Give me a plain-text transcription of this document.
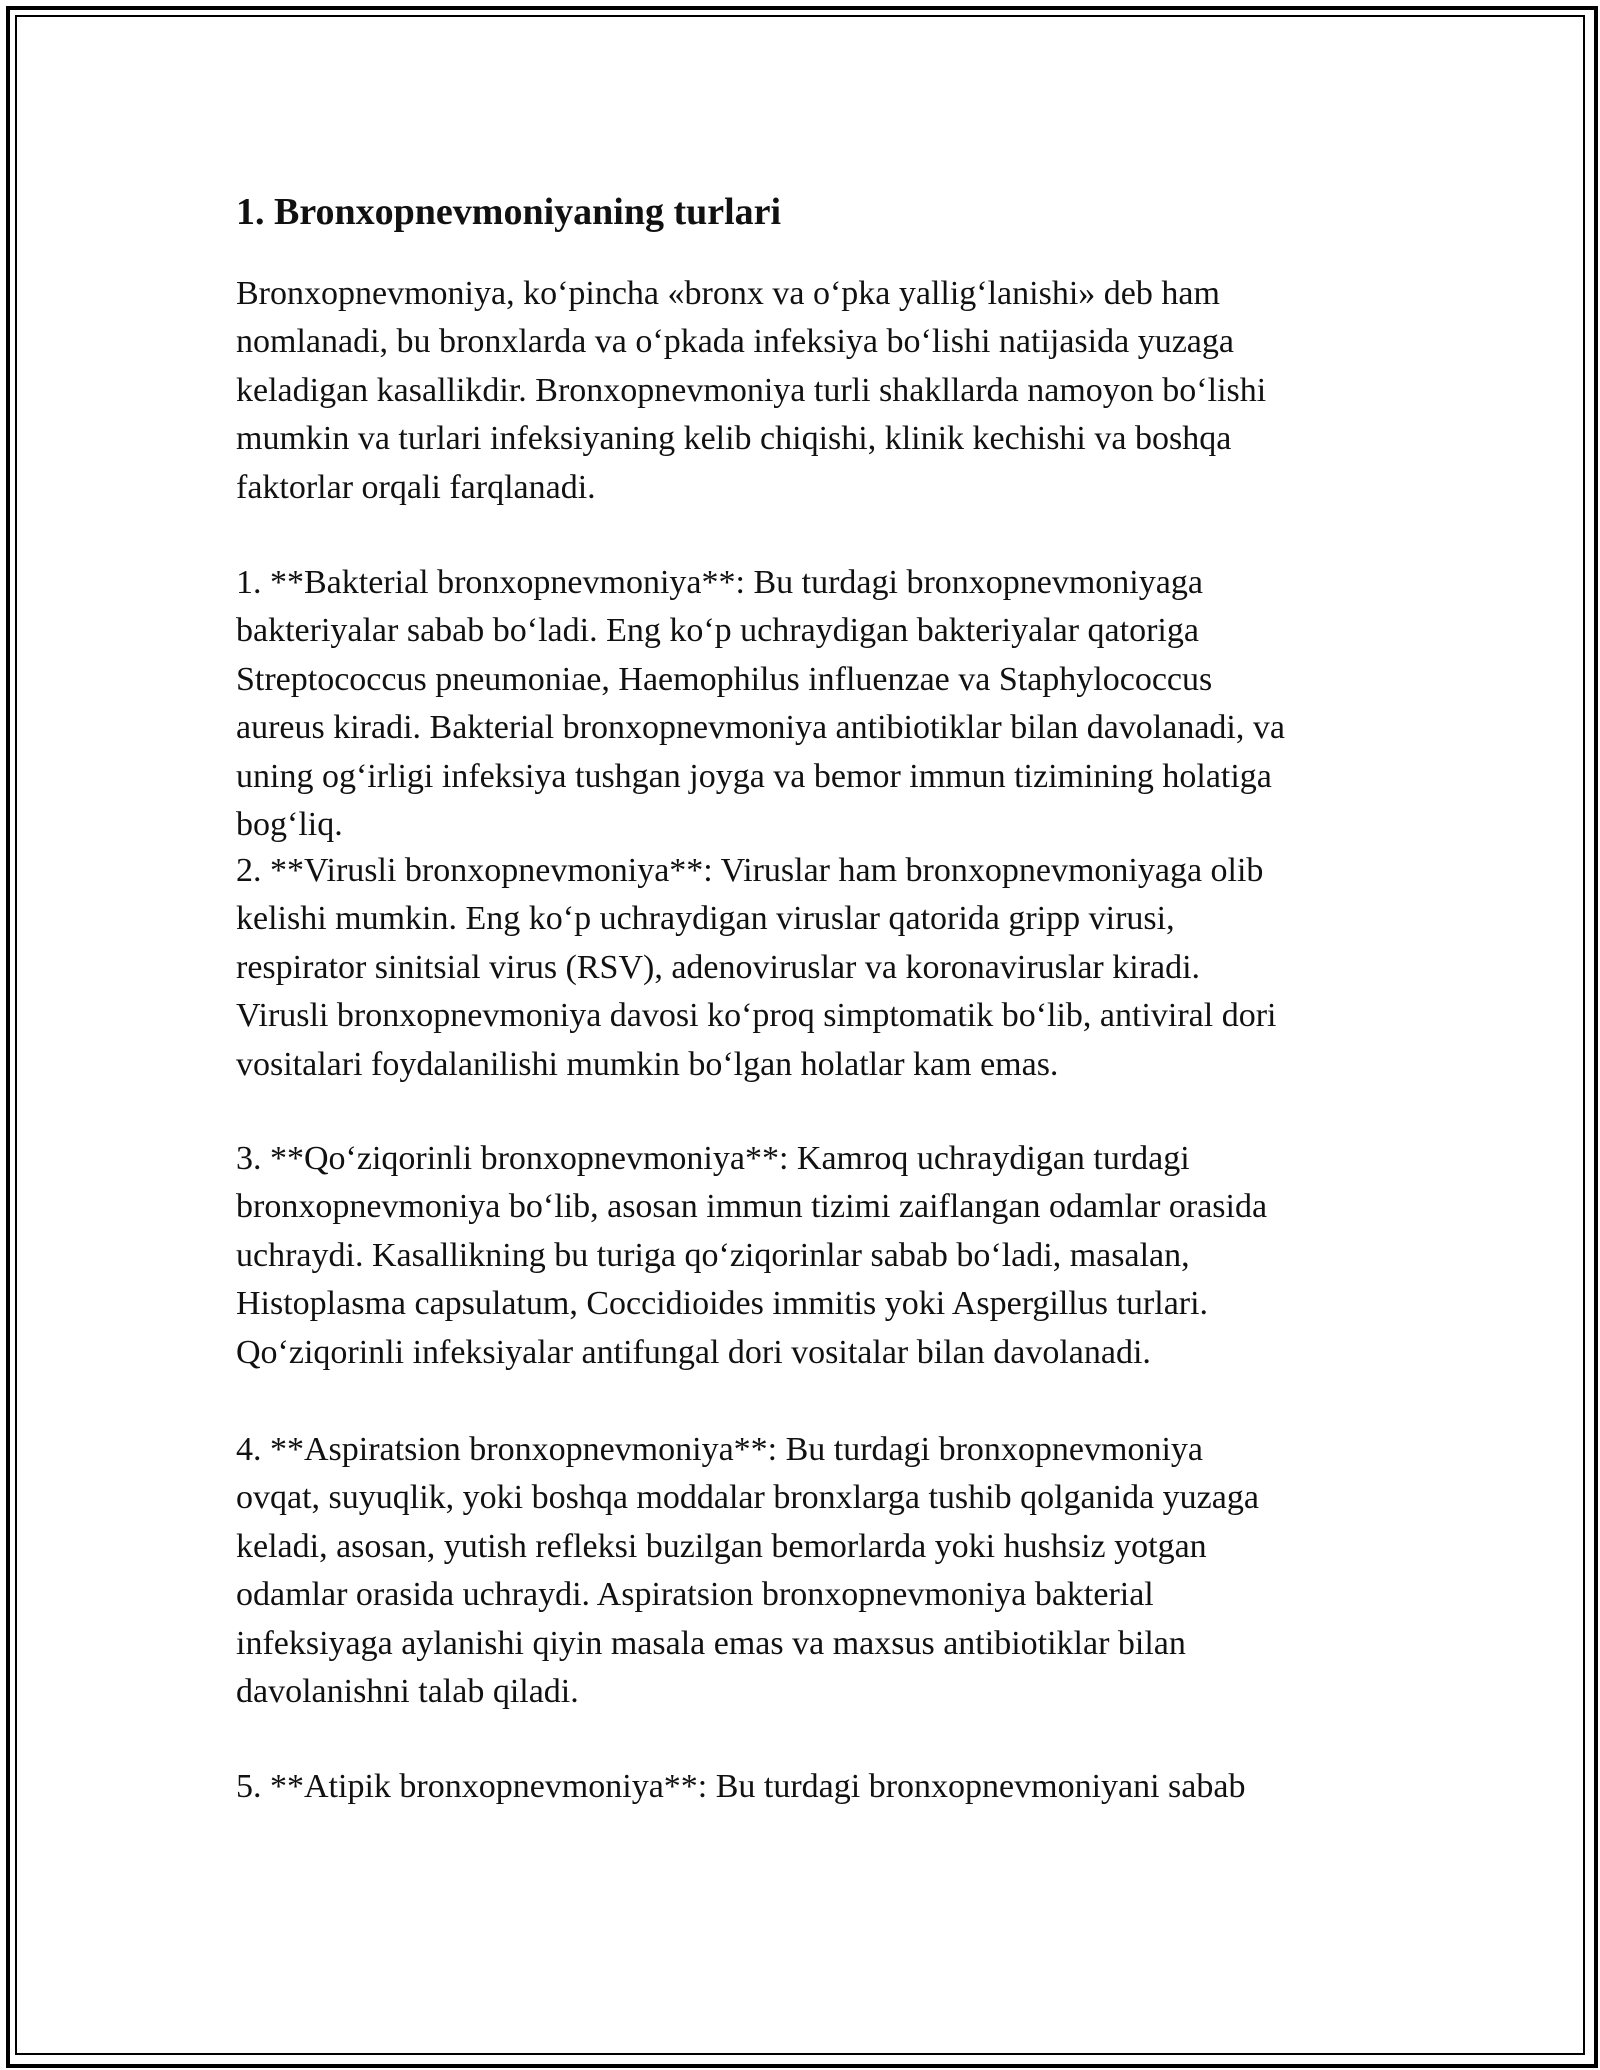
1. Bronxopnevmoniyaning turlari

Bronxopnevmoniya, ko‘pincha «bronx va o‘pka yallig‘lanishi» deb ham
nomlanadi, bu bronxlarda va o‘pkada infeksiya bo‘lishi natijasida yuzaga
keladigan kasallikdir. Bronxopnevmoniya turli shakllarda namoyon bo‘lishi
mumkin va turlari infeksiyaning kelib chiqishi, klinik kechishi va boshqa
faktorlar orqali farqlanadi.

1. **Bakterial bronxopnevmoniya**: Bu turdagi bronxopnevmoniyaga
bakteriyalar sabab bo‘ladi. Eng ko‘p uchraydigan bakteriyalar qatoriga
Streptococcus pneumoniae, Haemophilus influenzae va Staphylococcus
aureus kiradi. Bakterial bronxopnevmoniya antibiotiklar bilan davolanadi, va
uning og‘irligi infeksiya tushgan joyga va bemor immun tizimining holatiga
bog‘liq.

2. **Virusli bronxopnevmoniya**: Viruslar ham bronxopnevmoniyaga olib
kelishi mumkin. Eng ko‘p uchraydigan viruslar qatorida gripp virusi,
respirator sinitsial virus (RSV), adenoviruslar va koronaviruslar kiradi.
Virusli bronxopnevmoniya davosi ko‘proq simptomatik bo‘lib, antiviral dori
vositalari foydalanilishi mumkin bo‘lgan holatlar kam emas.

3. **Qo‘ziqorinli bronxopnevmoniya**: Kamroq uchraydigan turdagi
bronxopnevmoniya bo‘lib, asosan immun tizimi zaiflangan odamlar orasida
uchraydi. Kasallikning bu turiga qo‘ziqorinlar sabab bo‘ladi, masalan,
Histoplasma capsulatum, Coccidioides immitis yoki Aspergillus turlari.
Qo‘ziqorinli infeksiyalar antifungal dori vositalar bilan davolanadi.

4. **Aspiratsion bronxopnevmoniya**: Bu turdagi bronxopnevmoniya
ovqat, suyuqlik, yoki boshqa moddalar bronxlarga tushib qolganida yuzaga
keladi, asosan, yutish refleksi buzilgan bemorlarda yoki hushsiz yotgan
odamlar orasida uchraydi. Aspiratsion bronxopnevmoniya bakterial
infeksiyaga aylanishi qiyin masala emas va maxsus antibiotiklar bilan
davolanishni talab qiladi.

5. **Atipik bronxopnevmoniya**: Bu turdagi bronxopnevmoniyani sabab
